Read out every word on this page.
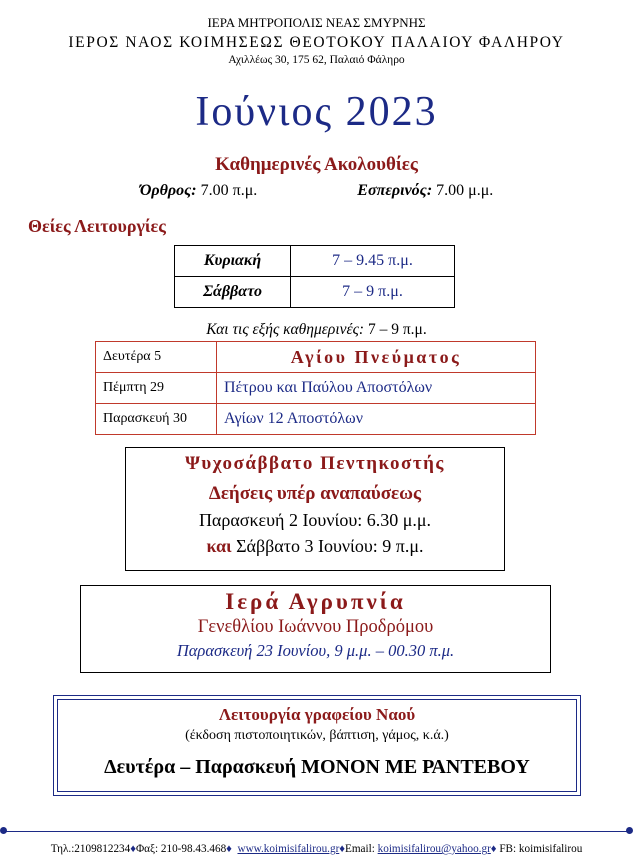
ΙΕΡΑ ΜΗΤΡΟΠΟΛΙΣ ΝΕΑΣ ΣΜΥΡΝΗΣ
ΙΕΡΟΣ ΝΑΟΣ ΚΟΙΜΗΣΕΩΣ ΘΕΟΤΟΚΟΥ ΠΑΛΑΙΟΥ ΦΑΛΗΡΟΥ
Αχιλλέως 30, 175 62, Παλαιό Φάληρο
Ιούνιος 2023
Καθημερινές Ακολουθίες
Όρθρος: 7.00 π.μ.	Εσπερινός: 7.00 μ.μ.
Θείες Λειτουργίες
Κυριακή	7 – 9.45 π.μ.
Σάββατο	7 – 9 π.μ.
Και τις εξής καθημερινές: 7 – 9 π.μ.
Δευτέρα 5	Αγίου Πνεύματος
Πέμπτη 29	Πέτρου και Παύλου Αποστόλων
Παρασκευή 30	Αγίων 12 Αποστόλων
Ψυχοσάββατο Πεντηκοστής
Δεήσεις υπέρ αναπαύσεως
Παρασκευή 2 Ιουνίου: 6.30 μ.μ.
και Σάββατο 3 Ιουνίου: 9 π.μ.
Ιερά Αγρυπνία
Γενεθλίου Ιωάννου Προδρόμου
Παρασκευή 23 Ιουνίου, 9 μ.μ. – 00.30 π.μ.
Λειτουργία γραφείου Ναού
(έκδοση πιστοποιητικών, βάπτιση, γάμος, κ.ά.)
Δευτέρα – Παρασκευή ΜΟΝΟΝ ΜΕ ΡΑΝΤΕΒΟΥ
Τηλ.:2109812234♦Φαξ: 210-98.43.468♦ www.koimisifalirou.gr♦Email: koimisifalirou@yahoo.gr♦ FB: koimisifalirou
